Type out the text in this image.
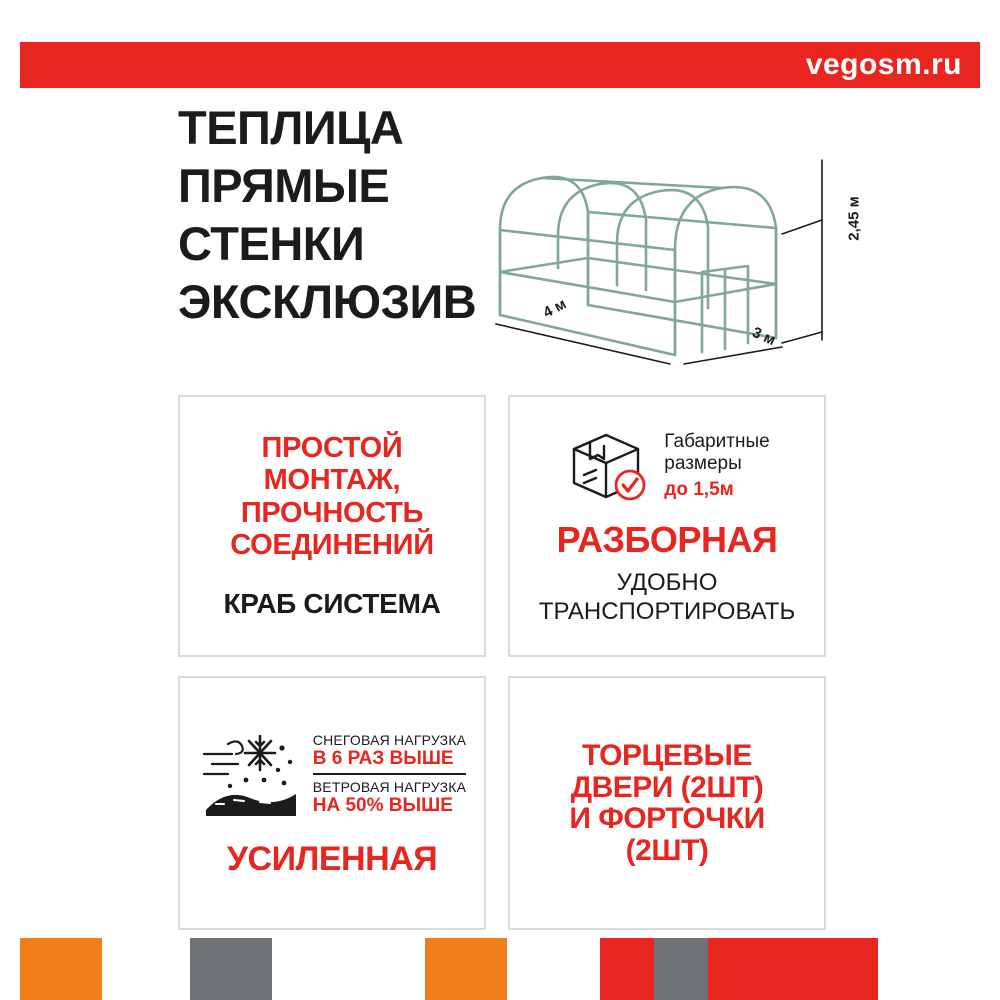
vegosm.ru
ТЕПЛИЦА
ПРЯМЫЕ
СТЕНКИ
ЭКСКЛЮЗИВ	4 м
3 м
2,45 м
ПРОСТОЙ
МОНТАЖ,
ПРОЧНОСТЬ
СОЕДИНЕНИЙ
КРАБ СИСТЕМА
Габаритные
размеры
до 1,5м
РАЗБОРНАЯ
УДОБНО
ТРАНСПОРТИРОВАТЬ
СНЕГОВАЯ НАГРУЗКА
В 6 РАЗ ВЫШЕ
ВЕТРОВАЯ НАГРУЗКА
НА 50% ВЫШЕ
УСИЛЕННАЯ
ТОРЦЕВЫЕ
ДВЕРИ (2ШТ)
И ФОРТОЧКИ
(2ШТ)
